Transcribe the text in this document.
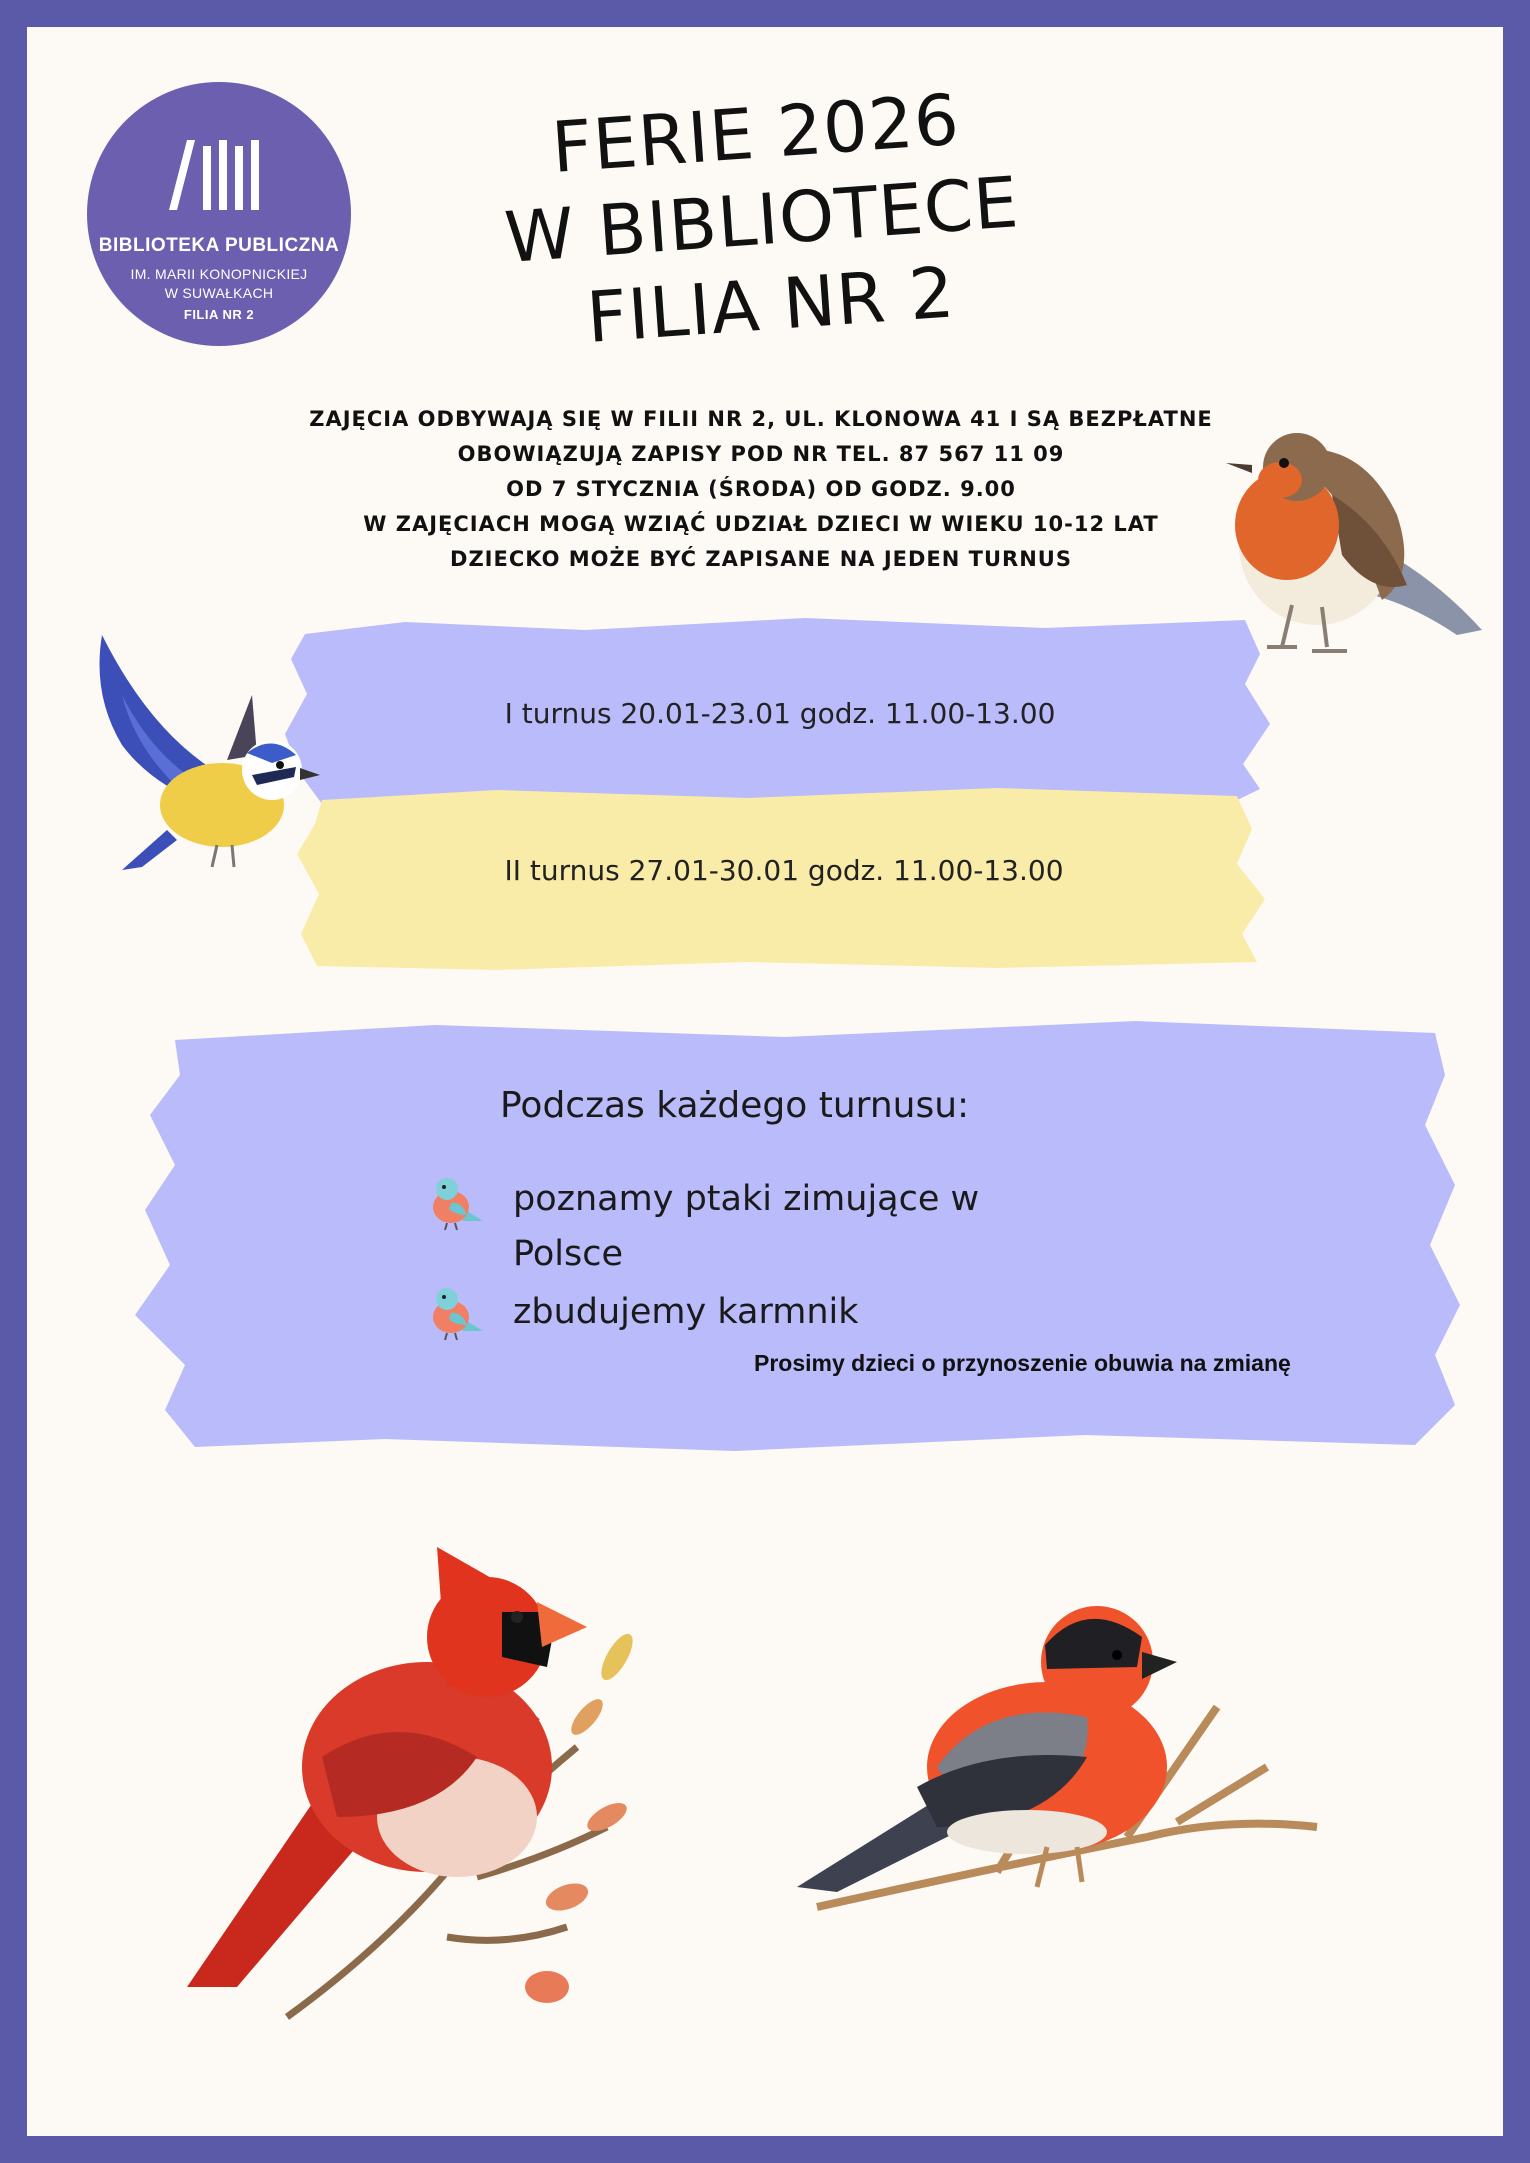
BIBLIOTEKA PUBLICZNA
IM. MARII KONOPNICKIEJ
W SUWAŁKACH
FILIA NR 2
FERIE 2026
W BIBLIOTECE
FILIA NR 2
ZAJĘCIA ODBYWAJĄ SIĘ W FILII NR 2, UL. KLONOWA 41 I SĄ BEZPŁATNE
OBOWIĄZUJĄ ZAPISY POD NR TEL. 87 567 11 09
OD 7 STYCZNIA (ŚRODA) OD GODZ. 9.00
W ZAJĘCIACH MOGĄ WZIĄĆ UDZIAŁ DZIECI W WIEKU 10-12 LAT
DZIECKO MOŻE BYĆ ZAPISANE NA JEDEN TURNUS
I turnus 20.01-23.01 godz. 11.00-13.00
II turnus 27.01-30.01 godz. 11.00-13.00
Podczas każdego turnusu:
poznamy ptaki zimujące w
Polsce
zbudujemy karmnik
Prosimy dzieci o przynoszenie obuwia na zmianę
